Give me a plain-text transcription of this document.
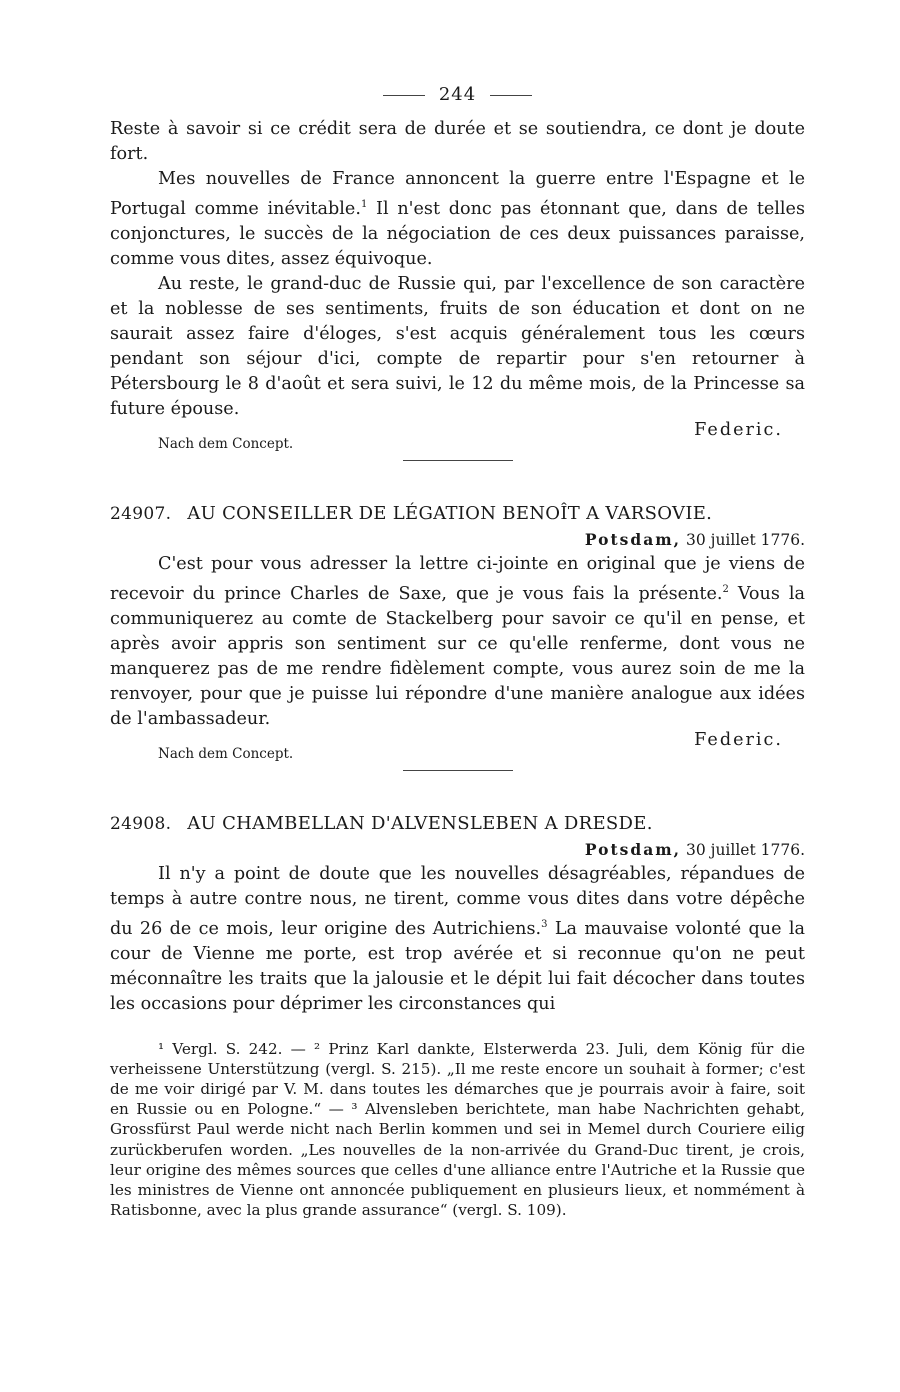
244

Reste à savoir si ce crédit sera de durée et se soutiendra, ce dont je doute fort.

Mes nouvelles de France annoncent la guerre entre l'Espagne et le Portugal comme inévitable.$^1$ Il n'est donc pas étonnant que, dans de telles conjonctures, le succès de la négociation de ces deux puissances paraisse, comme vous dites, assez équivoque.

Au reste, le grand-duc de Russie qui, par l'excellence de son caractère et la noblesse de ses sentiments, fruits de son éducation et dont on ne saurait assez faire d'éloges, s'est acquis généralement tous les cœurs pendant son séjour d'ici, compte de repartir pour s'en retourner à Pétersbourg le 8 d'août et sera suivi, le 12 du même mois, de la Princesse sa future épouse.

Federic.
Nach dem Concept.
24907. AU CONSEILLER DE LÉGATION BENOÎT A VARSOVIE.
Potsdam, 30 juillet 1776.

C'est pour vous adresser la lettre ci-jointe en original que je viens de recevoir du prince Charles de Saxe, que je vous fais la présente.$^2$ Vous la communiquerez au comte de Stackelberg pour savoir ce qu'il en pense, et après avoir appris son sentiment sur ce qu'elle renferme, dont vous ne manquerez pas de me rendre fidèlement compte, vous aurez soin de me la renvoyer, pour que je puisse lui répondre d'une manière analogue aux idées de l'ambassadeur.

Federic.
Nach dem Concept.
24908. AU CHAMBELLAN D'ALVENSLEBEN A DRESDE.
Potsdam, 30 juillet 1776.

Il n'y a point de doute que les nouvelles désagréables, répandues de temps à autre contre nous, ne tirent, comme vous dites dans votre dépêche du 26 de ce mois, leur origine des Autrichiens.$^3$ La mauvaise volonté que la cour de Vienne me porte, est trop avérée et si reconnue qu'on ne peut méconnaître les traits que la jalousie et le dépit lui fait décocher dans toutes les occasions pour déprimer les circonstances qui

¹ Vergl. S. 242. — ² Prinz Karl dankte, Elsterwerda 23. Juli, dem König für die verheissene Unterstützung (vergl. S. 215). „Il me reste encore un souhait à former; c'est de me voir dirigé par V. M. dans toutes les démarches que je pourrais avoir à faire, soit en Russie ou en Pologne.“ — ³ Alvensleben berichtete, man habe Nachrichten gehabt, Grossfürst Paul werde nicht nach Berlin kommen und sei in Memel durch Couriere eilig zurückberufen worden. „Les nouvelles de la non-arrivée du Grand-Duc tirent, je crois, leur origine des mêmes sources que celles d'une alliance entre l'Autriche et la Russie que les ministres de Vienne ont annoncée publiquement en plusieurs lieux, et nommément à Ratisbonne, avec la plus grande assurance“ (vergl. S. 109).
